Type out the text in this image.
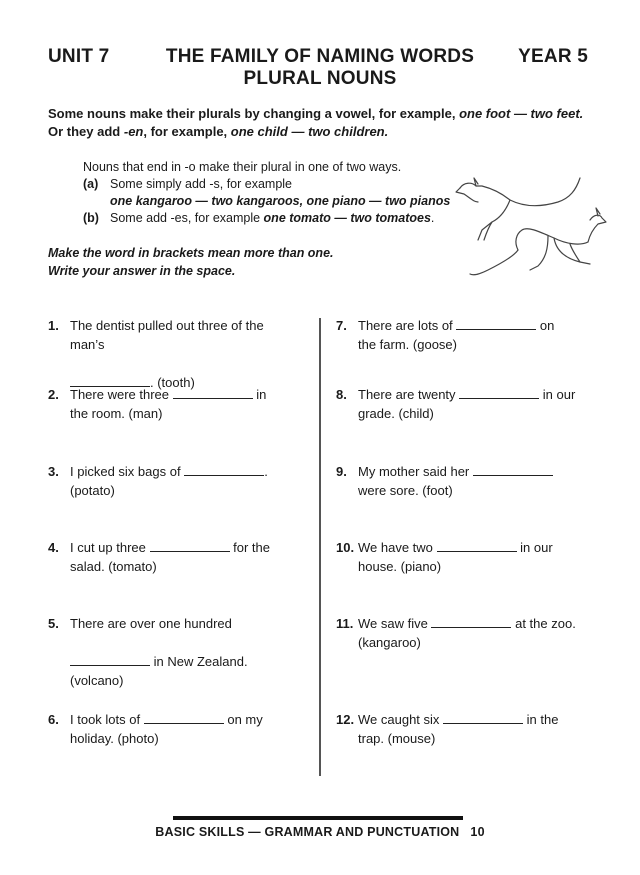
UNIT 7	THE FAMILY OF NAMING WORDS
PLURAL NOUNS
YEAR 5
Some nouns make their plurals by changing a vowel, for example, one foot — two feet.
Or they add -en, for example, one child — two children.
Nouns that end in -o make their plural in one of two ways.
(a) Some simply add -s, for example
one kangaroo — two kangaroos, one piano — two pianos
(b) Some add -es, for example one tomato — two tomatoes.
Make the word in brackets mean more than one.
Write your answer in the space.
1. The dentist pulled out three of the man’s

. (tooth)
2. There were three	in the room. (man)
3. I picked six bags of	. (potato)
4. I cut up three	for the salad. (tomato)
5. There are over one hundred

in New Zealand. (volcano)
6. I took lots of	on my holiday. (photo)
7. There are lots of	on the farm. (goose)
8. There are twenty	in our grade. (child)
9. My mother said her  were sore. (foot)
10. We have two	in our house. (piano)
11. We saw five	at the zoo. (kangaroo)
12. We caught six	in the trap. (mouse)
BASIC SKILLS — GRAMMAR AND PUNCTUATION   10
